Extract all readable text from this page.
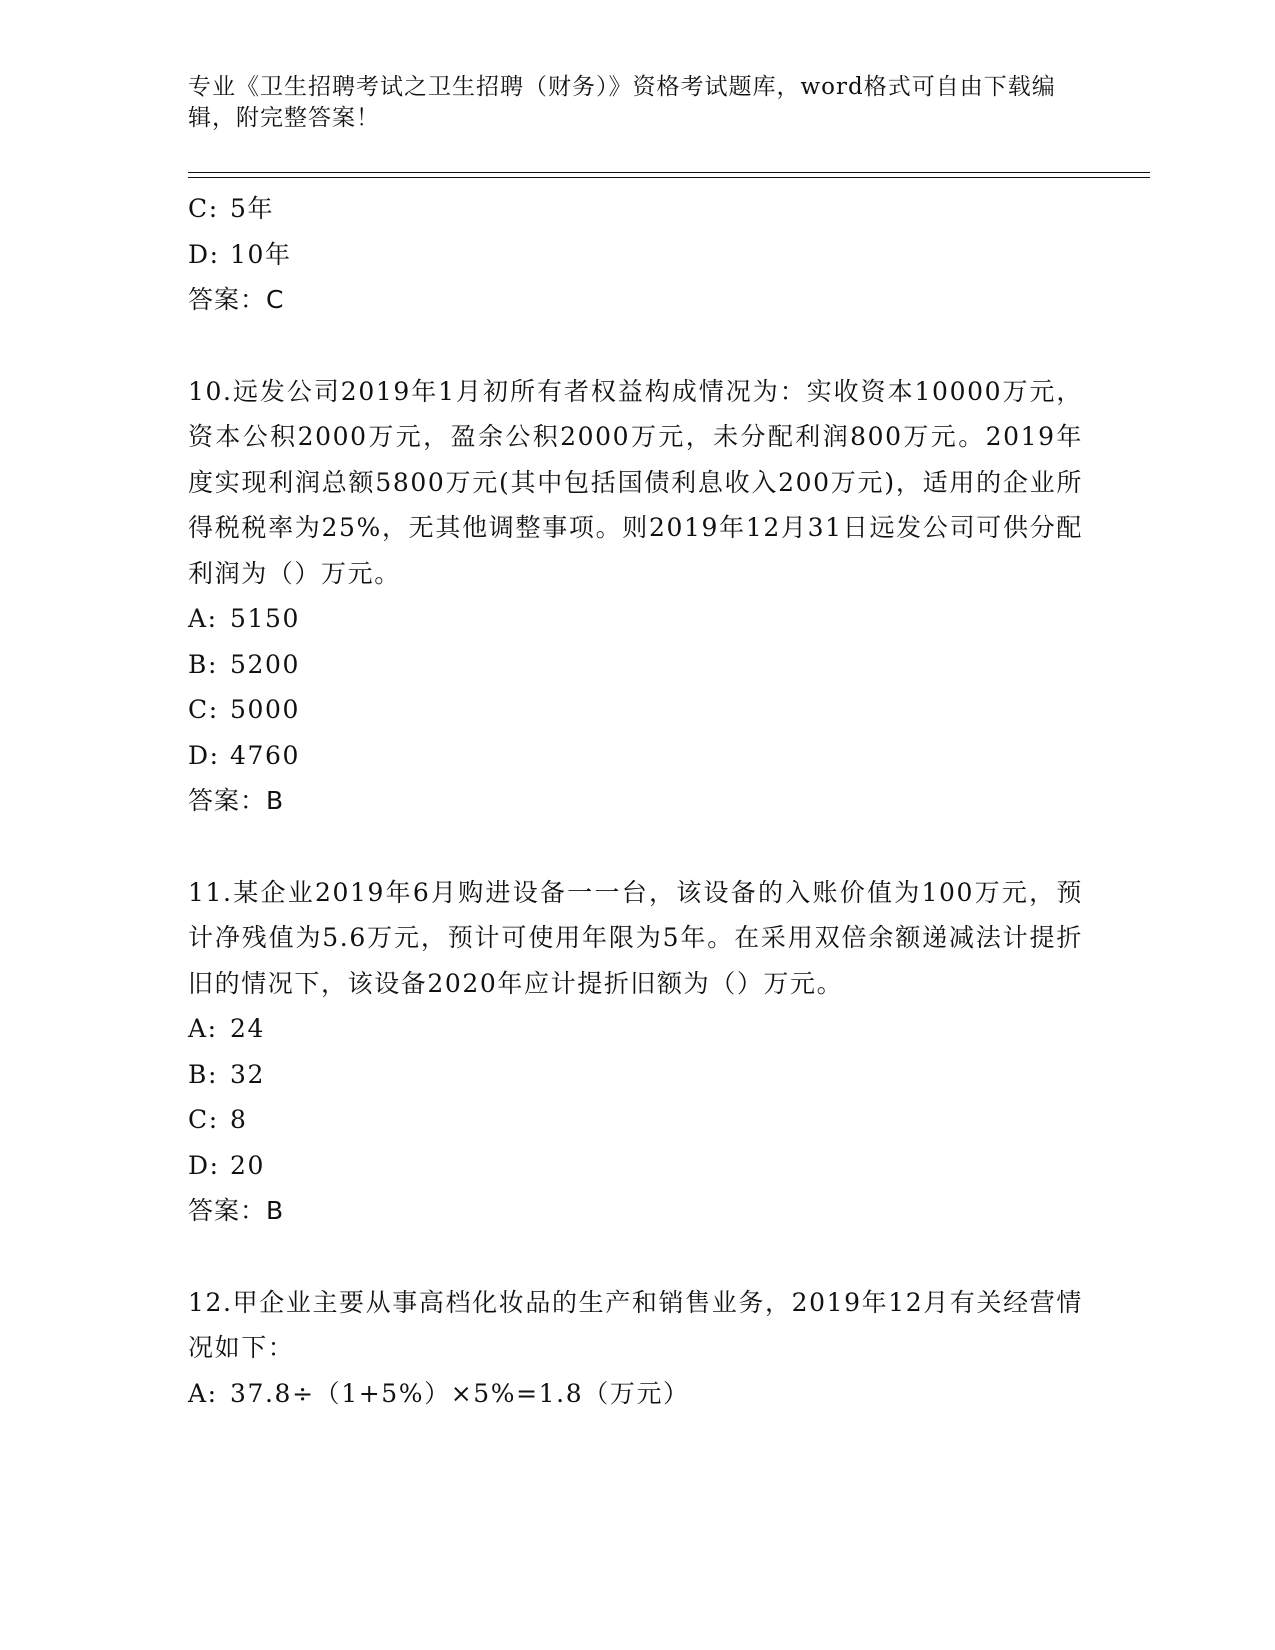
专业《卫生招聘考试之卫生招聘（财务）》资格考试题库，word格式可自由下载编辑，附完整答案！
C: 5年
D: 10年
答案：C
10.远发公司2019年1月初所有者权益构成情况为：实收资本10000万元，资本公积2000万元，盈余公积2000万元，未分配利润800万元。2019年度实现利润总额5800万元(其中包括国债利息收入200万元)，适用的企业所得税税率为25%，无其他调整事项。则2019年12月31日远发公司可供分配利润为（）万元。
A: 5150
B: 5200
C: 5000
D: 4760
答案：B
11.某企业2019年6月购进设备一一台，该设备的入账价值为100万元，预计净残值为5.6万元，预计可使用年限为5年。在采用双倍余额递减法计提折旧的情况下，该设备2020年应计提折旧额为（）万元。
A: 24
B: 32
C: 8
D: 20
答案：B
12.甲企业主要从事高档化妆品的生产和销售业务，2019年12月有关经营情况如下：
A: 37.8÷（1+5%）×5%=1.8（万元）
